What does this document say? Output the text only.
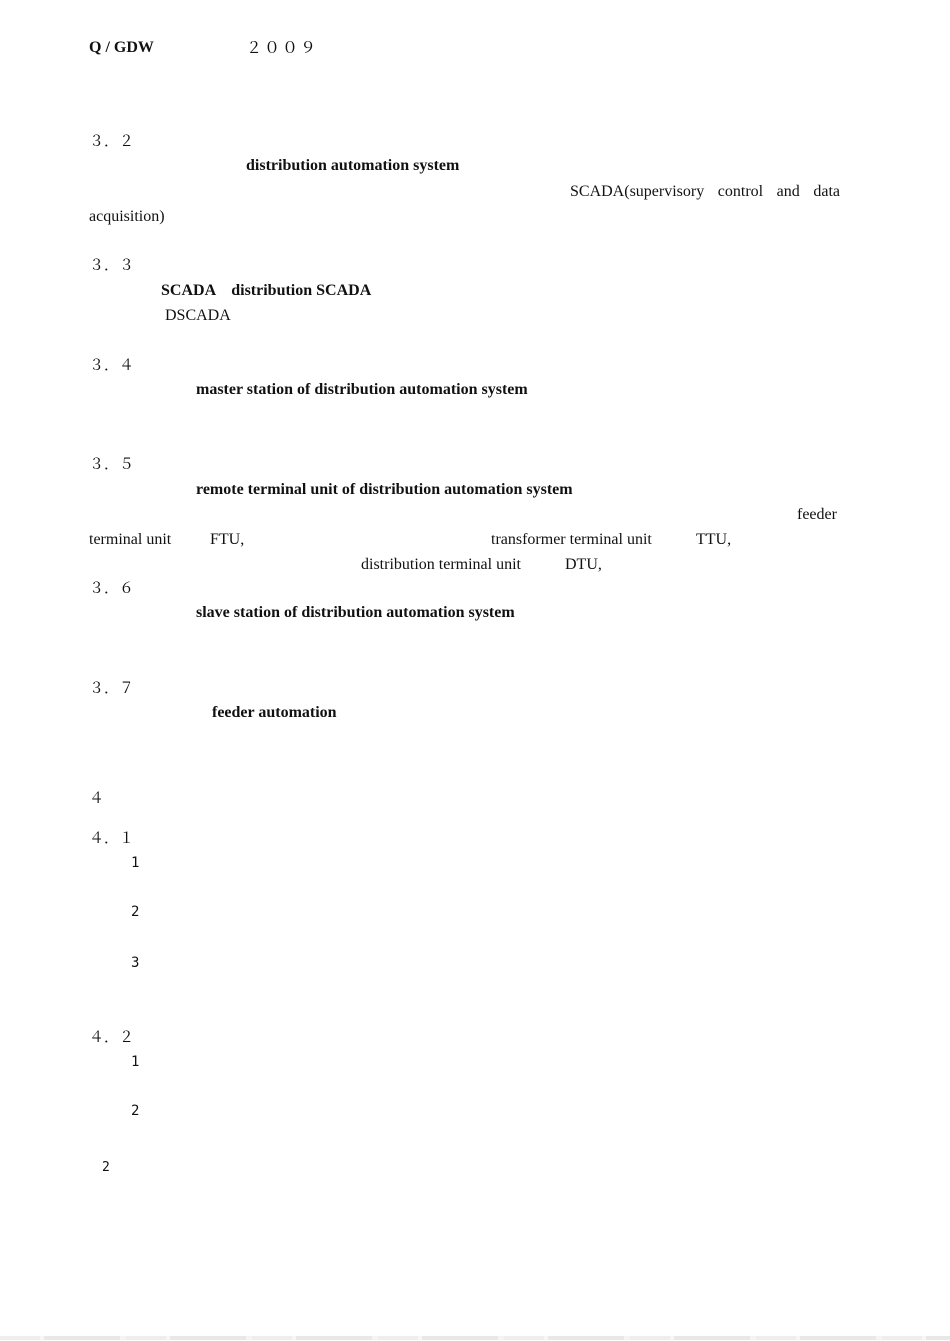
Q / GDW	２００９
３．２
distribution automation system
SCADA(supervisory control and data
acquisition)
３．３
SCADA　distribution SCADA
DSCADA
３．４
master station of distribution automation system
３．５
remote terminal unit of distribution automation system
feeder
terminal unit FTU,	transformer terminal unit	TTU,
distribution terminal unit	DTU,
３．６
slave station of distribution automation system
３．７
feeder automation
４
４．１
1
2
3
４．２
1
2
2
